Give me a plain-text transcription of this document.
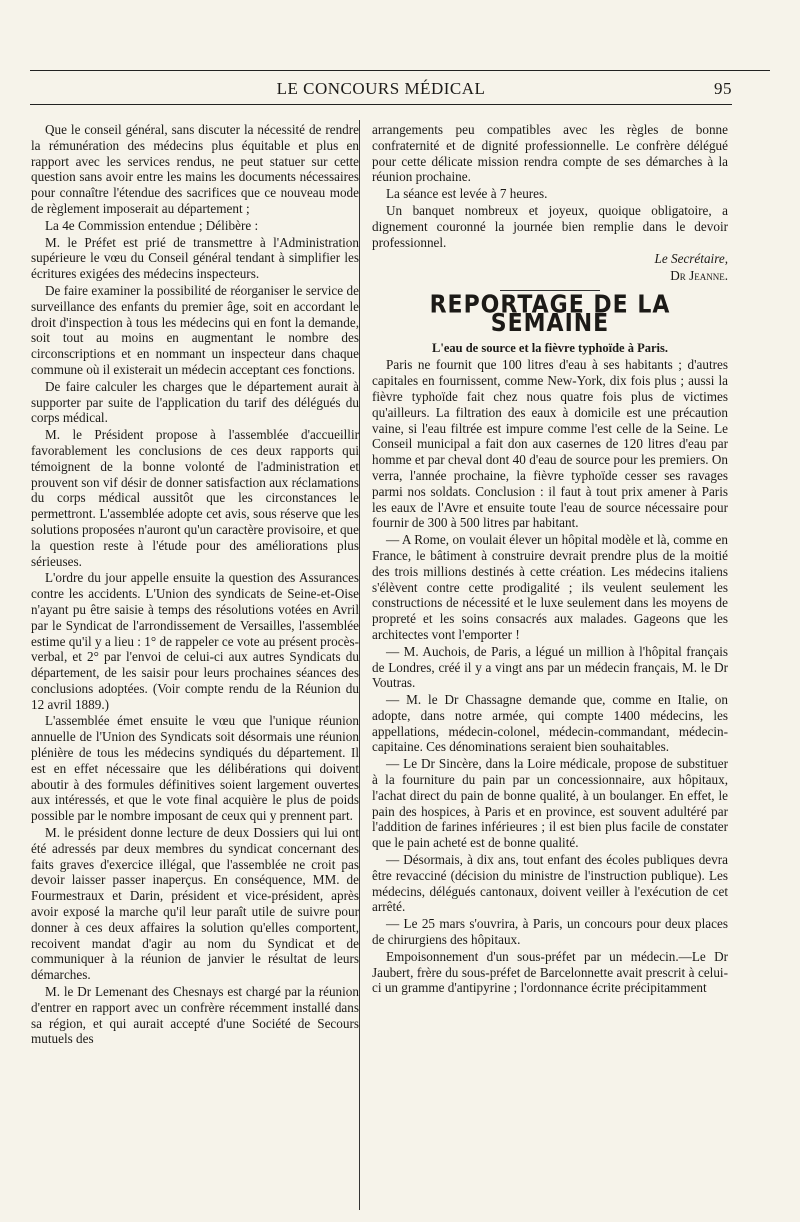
LE CONCOURS MÉDICAL	95

Que le conseil général, sans discuter la nécessité de rendre la rémunération des médecins plus équitable et plus en rapport avec les services rendus, ne peut statuer sur cette question sans avoir entre les mains les documents nécessaires pour connaître l'étendue des sacrifices que ce nouveau mode de règlement imposerait au département ;

La 4e Commission entendue ; Délibère :

M. le Préfet est prié de transmettre à l'Administration supérieure le vœu du Conseil général tendant à simplifier les écritures exigées des médecins inspecteurs.

De faire examiner la possibilité de réorganiser le service de surveillance des enfants du premier âge, soit en accordant le droit d'inspection à tous les médecins qui en font la demande, soit tout au moins en augmentant le nombre des circonscriptions et en nommant un inspecteur dans chaque commune où il existerait un médecin acceptant ces fonctions.

De faire calculer les charges que le département aurait à supporter par suite de l'application du tarif des délégués du corps médical.

M. le Président propose à l'assemblée d'accueillir favorablement les conclusions de ces deux rapports qui témoignent de la bonne volonté de l'administration et prouvent son vif désir de donner satisfaction aux réclamations du corps médical aussitôt que les circonstances le permettront. L'assemblée adopte cet avis, sous réserve que les solutions proposées n'auront qu'un caractère provisoire, et que la question reste à l'étude pour des améliorations plus sérieuses.

L'ordre du jour appelle ensuite la question des Assurances contre les accidents. L'Union des syndicats de Seine-et-Oise n'ayant pu être saisie à temps des résolutions votées en Avril par le Syndicat de l'arrondissement de Versailles, l'assemblée estime qu'il y a lieu : 1° de rappeler ce vote au présent procès-verbal, et 2° par l'envoi de celui-ci aux autres Syndicats du département, de les saisir pour leurs prochaines séances des conclusions adoptées. (Voir compte rendu de la Réunion du 12 avril 1889.)

L'assemblée émet ensuite le vœu que l'unique réunion annuelle de l'Union des Syndicats soit désormais une réunion plénière de tous les médecins syndiqués du département. Il est en effet nécessaire que les délibérations qui doivent aboutir à des formules définitives soient largement ouvertes aux intéressés, et que le vote final acquière le plus de poids possible par le nombre imposant de ceux qui y prennent part.

M. le président donne lecture de deux Dossiers qui lui ont été adressés par deux membres du syndicat concernant des faits graves d'exercice illégal, que l'assemblée ne croit pas devoir laisser passer inaperçus. En conséquence, MM. de Fourmestraux et Darin, président et vice-président, après avoir exposé la marche qu'il leur paraît utile de suivre pour donner à ces deux affaires la solution qu'elles comportent, recoivent mandat d'agir au nom du Syndicat et de communiquer à la réunion de janvier le résultat de leurs démarches.

M. le Dr Lemenant des Chesnays est chargé par la réunion d'entrer en rapport avec un confrère récemment installé dans sa région, et qui aurait accepté d'une Société de Secours mutuels des

arrangements peu compatibles avec les règles de bonne confraternité et de dignité professionnelle. Le confrère délégué pour cette délicate mission rendra compte de ses démarches à la réunion prochaine.

La séance est levée à 7 heures.

Un banquet nombreux et joyeux, quoique obligatoire, a dignement couronné la journée bien remplie dans le devoir professionnel.

Le Secrétaire,

Dr Jeanne.

REPORTAGE DE LA SEMAINE

L'eau de source et la fièvre typhoïde à Paris.

Paris ne fournit que 100 litres d'eau à ses habitants ; d'autres capitales en fournissent, comme New-York, dix fois plus ; aussi la fièvre typhoïde fait chez nous quatre fois plus de victimes qu'ailleurs. La filtration des eaux à domicile est une précaution vaine, si l'eau filtrée est impure comme l'est celle de la Seine. Le Conseil municipal a fait don aux casernes de 120 litres d'eau par homme et par cheval dont 40 d'eau de source pour les premiers. On verra, l'année prochaine, la fièvre typhoïde cesser ses ravages parmi nos soldats. Conclusion : il faut à tout prix amener à Paris les eaux de l'Avre et ensuite toute l'eau de source nécessaire pour fournir de 300 à 500 litres par habitant.

— A Rome, on voulait élever un hôpital modèle et là, comme en France, le bâtiment à construire devrait prendre plus de la moitié des trois millions destinés à cette création. Les médecins italiens s'élèvent contre cette prodigalité ; ils veulent seulement les constructions de nécessité et le luxe seulement dans les moyens de propreté et les soins consacrés aux malades. Gageons que les architectes vont l'emporter !

— M. Auchois, de Paris, a légué un million à l'hôpital français de Londres, créé il y a vingt ans par un médecin français, M. le Dr Voutras.

— M. le Dr Chassagne demande que, comme en Italie, on adopte, dans notre armée, qui compte 1400 médecins, les appellations, médecin-colonel, médecin-commandant, médecin-capitaine. Ces dénominations seraient bien souhaitables.

— Le Dr Sincère, dans la Loire médicale, propose de substituer à la fourniture du pain par un concessionnaire, aux hôpitaux, l'achat direct du pain de bonne qualité, à un boulanger. En effet, le pain des hospices, à Paris et en province, est souvent adultéré par l'addition de farines inférieures ; il est bien plus facile de constater que le pain acheté est de bonne qualité.

— Désormais, à dix ans, tout enfant des écoles publiques devra être revacciné (décision du ministre de l'instruction publique). Les médecins, délégués cantonaux, doivent veiller à l'exécution de cet arrêté.

— Le 25 mars s'ouvrira, à Paris, un concours pour deux places de chirurgiens des hôpitaux.

Empoisonnement d'un sous-préfet par un médecin.—Le Dr Jaubert, frère du sous-préfet de Barcelonnette avait prescrit à celui-ci un gramme d'antipyrine ; l'ordonnance écrite précipitamment
